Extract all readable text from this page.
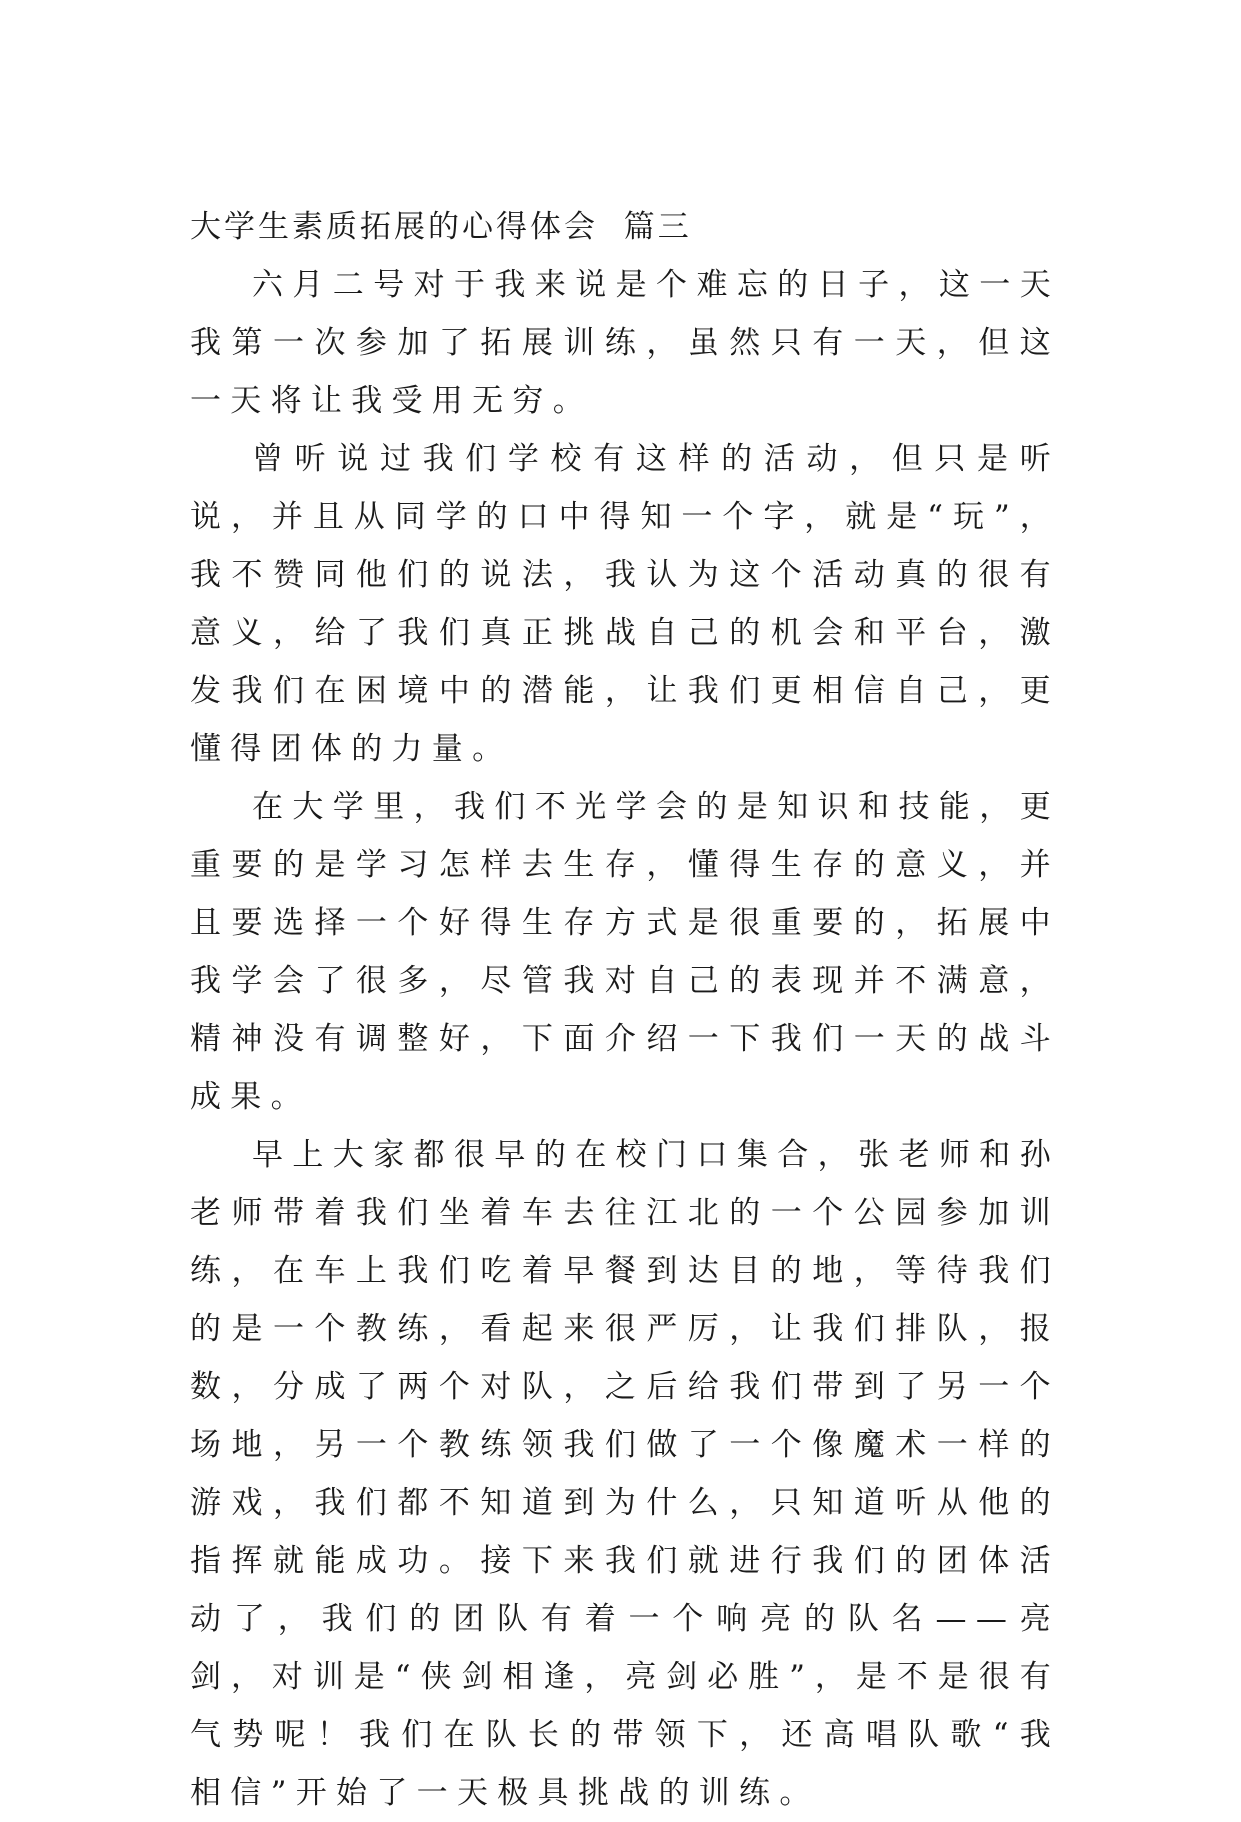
大学生素质拓展的心得体会  篇三

六月二号对于我来说是个难忘的日子，这一天我第一次参加了拓展训练，虽然只有一天，但这一天将让我受用无穷。

曾听说过我们学校有这样的活动，但只是听说，并且从同学的口中得知一个字，就是“玩”，我不赞同他们的说法，我认为这个活动真的很有意义，给了我们真正挑战自己的机会和平台，激发我们在困境中的潜能，让我们更相信自己，更懂得团体的力量。

在大学里，我们不光学会的是知识和技能，更重要的是学习怎样去生存，懂得生存的意义，并且要选择一个好得生存方式是很重要的，拓展中我学会了很多，尽管我对自己的表现并不满意，精神没有调整好，下面介绍一下我们一天的战斗成果。

早上大家都很早的在校门口集合，张老师和孙老师带着我们坐着车去往江北的一个公园参加训练，在车上我们吃着早餐到达目的地，等待我们的是一个教练，看起来很严厉，让我们排队，报数，分成了两个对队，之后给我们带到了另一个场地，另一个教练领我们做了一个像魔术一样的游戏，我们都不知道到为什么，只知道听从他的指挥就能成功。接下来我们就进行我们的团体活动了，我们的团队有着一个响亮的队名——亮剑，对训是“侠剑相逢，亮剑必胜”，是不是很有气势呢！我们在队长的带领下，还高唱队歌“我相信”开始了一天极具挑战的训练。
